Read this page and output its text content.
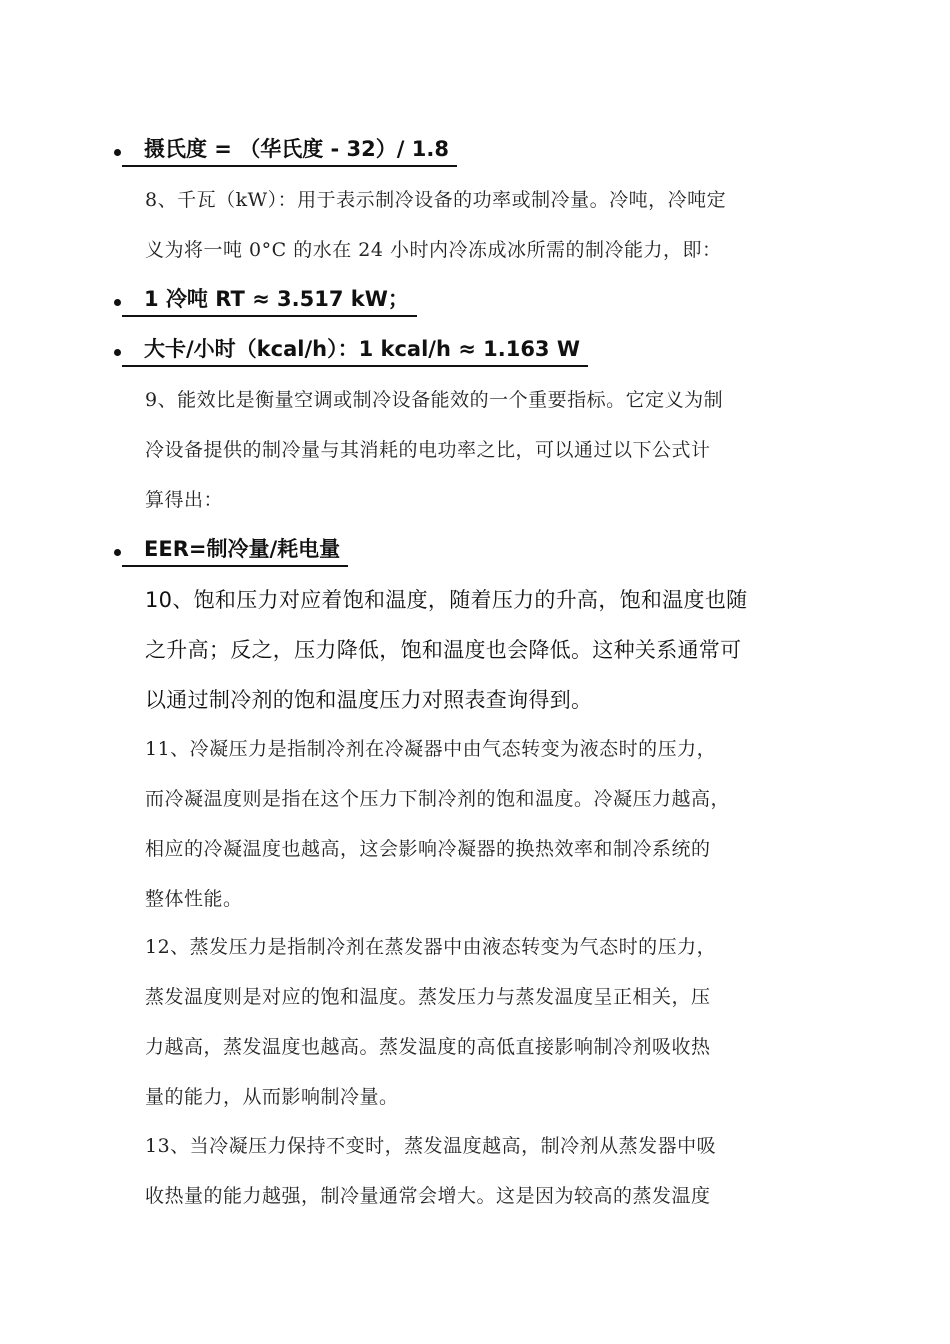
摄氏度 = （华氏度 - 32）/ 1.8
8、千瓦（kW）：用于表示制冷设备的功率或制冷量。冷吨，冷吨定
义为将一吨 0°C 的水在 24 小时内冷冻成冰所需的制冷能力，即：
1 冷吨 RT ≈ 3.517 kW；
大卡/小时（kcal/h）：1 kcal/h ≈ 1.163 W
9、能效比是衡量空调或制冷设备能效的一个重要指标。它定义为制
冷设备提供的制冷量与其消耗的电功率之比，可以通过以下公式计
算得出：
EER=制冷量/耗电量
10、饱和压力对应着饱和温度，随着压力的升高，饱和温度也随
之升高；反之，压力降低，饱和温度也会降低。这种关系通常可
以通过制冷剂的饱和温度压力对照表查询得到。
11、冷凝压力是指制冷剂在冷凝器中由气态转变为液态时的压力，
而冷凝温度则是指在这个压力下制冷剂的饱和温度。冷凝压力越高，
相应的冷凝温度也越高，这会影响冷凝器的换热效率和制冷系统的
整体性能。
12、蒸发压力是指制冷剂在蒸发器中由液态转变为气态时的压力，
蒸发温度则是对应的饱和温度。蒸发压力与蒸发温度呈正相关，压
力越高，蒸发温度也越高。蒸发温度的高低直接影响制冷剂吸收热
量的能力，从而影响制冷量。
13、当冷凝压力保持不变时，蒸发温度越高，制冷剂从蒸发器中吸
收热量的能力越强，制冷量通常会增大。这是因为较高的蒸发温度
